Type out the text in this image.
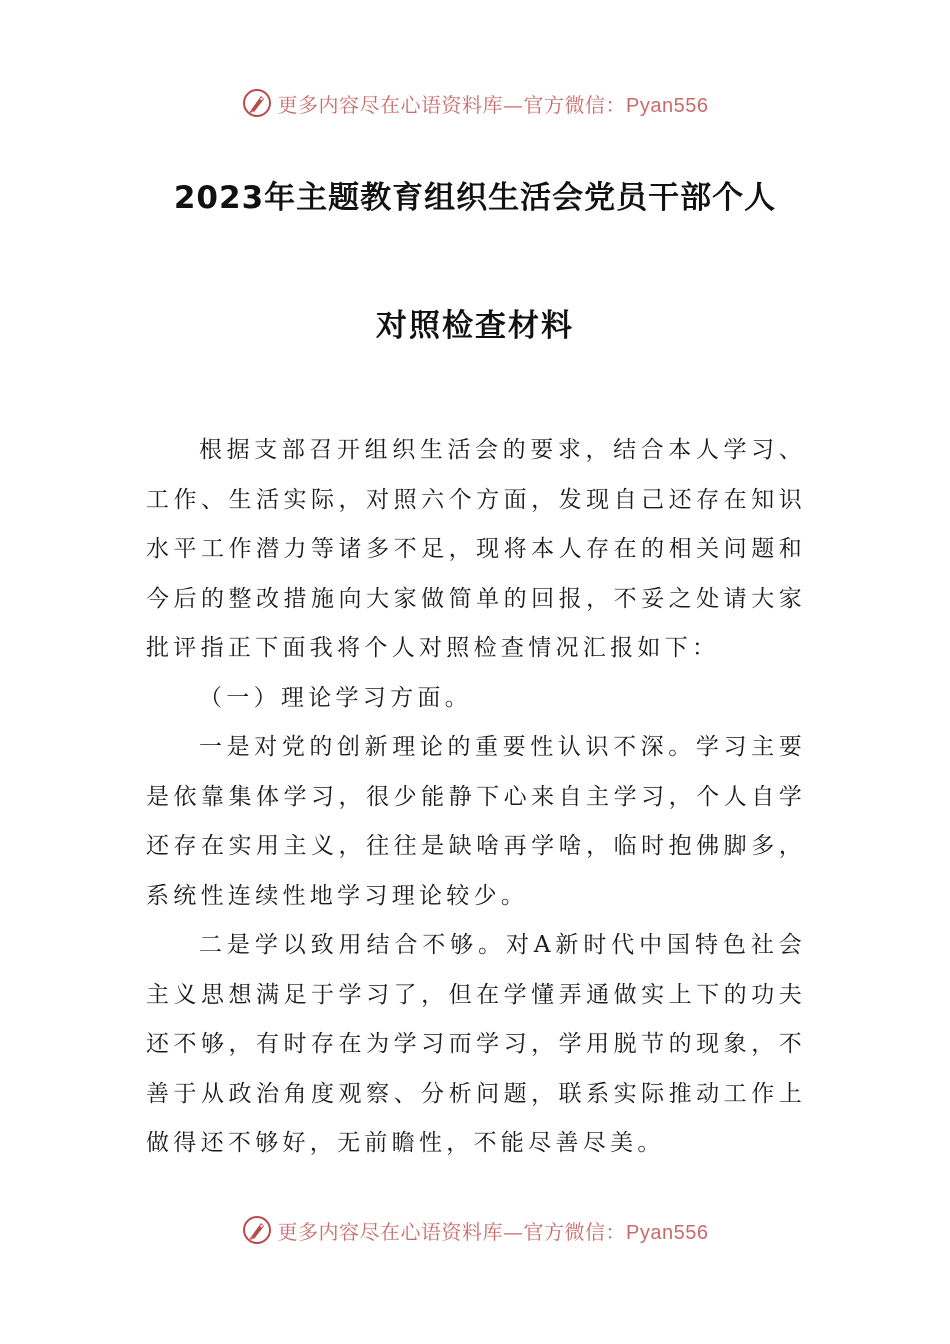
更多内容尽在心语资料库—官方微信：Pyan556
2023年主题教育组织生活会党员干部个人
对照检查材料

根据支部召开组织生活会的要求，结合本人学习、工作、生活实际，对照六个方面，发现自己还存在知识水平工作潜力等诸多不足，现将本人存在的相关问题和今后的整改措施向大家做简单的回报，不妥之处请大家批评指正下面我将个人对照检查情况汇报如下：

（一）理论学习方面。

一是对党的创新理论的重要性认识不深。学习主要是依靠集体学习，很少能静下心来自主学习，个人自学还存在实用主义，往往是缺啥再学啥，临时抱佛脚多，系统性连续性地学习理论较少。

二是学以致用结合不够。对A新时代中国特色社会主义思想满足于学习了，但在学懂弄通做实上下的功夫还不够，有时存在为学习而学习，学用脱节的现象，不善于从政治角度观察、分析问题，联系实际推动工作上做得还不够好，无前瞻性，不能尽善尽美。

更多内容尽在心语资料库—官方微信：Pyan556
